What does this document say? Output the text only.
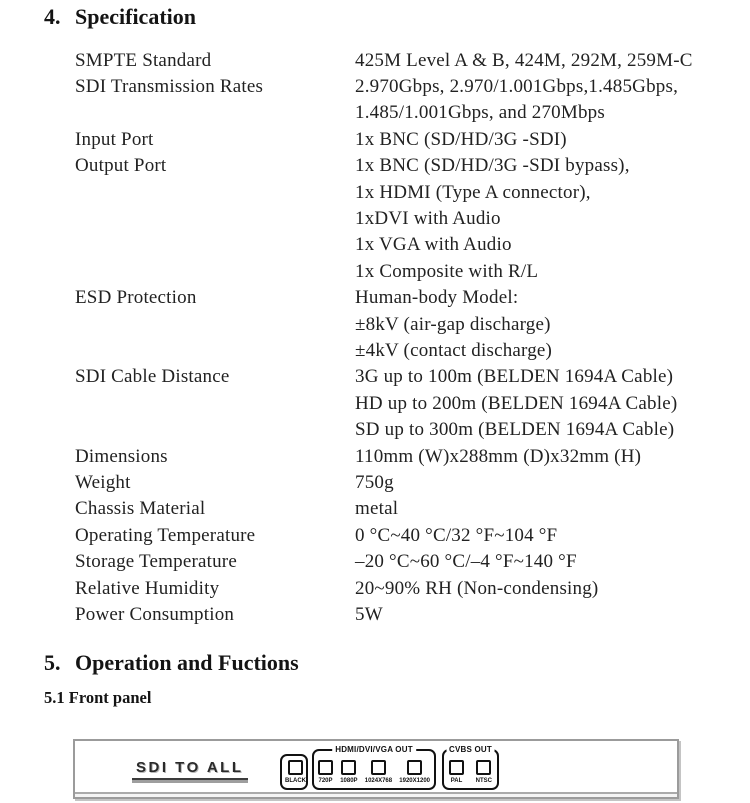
4. Specification
SMPTE Standard	425M Level A & B, 424M, 292M, 259M-C
SDI Transmission Rates	2.970Gbps, 2.970/1.001Gbps,1.485Gbps,
1.485/1.001Gbps, and 270Mbps
Input Port	1x BNC (SD/HD/3G -SDI)
Output Port	1x BNC (SD/HD/3G -SDI bypass),
1x HDMI (Type A connector),
1xDVI with Audio
1x VGA with Audio
1x Composite with R/L
ESD Protection	Human-body Model:
±8kV (air-gap discharge)
±4kV (contact discharge)
SDI Cable Distance	3G up to 100m (BELDEN 1694A Cable)
HD up to 200m (BELDEN 1694A Cable)
SD up to 300m (BELDEN 1694A Cable)
Dimensions	110mm (W)x288mm (D)x32mm (H)
Weight	750g
Chassis Material	metal
Operating Temperature	0 °C~40 °C/32 °F~104 °F
Storage Temperature	–20 °C~60 °C/–4 °F~140 °F
Relative Humidity	20~90% RH (Non-condensing)
Power Consumption	5W
5. Operation and Fuctions
5.1 Front panel
SDI TO ALL
BLACK
HDMI/DVI/VGA OUT
720P 1080P 1024X768 1920X1200
CVBS OUT
PAL NTSC
